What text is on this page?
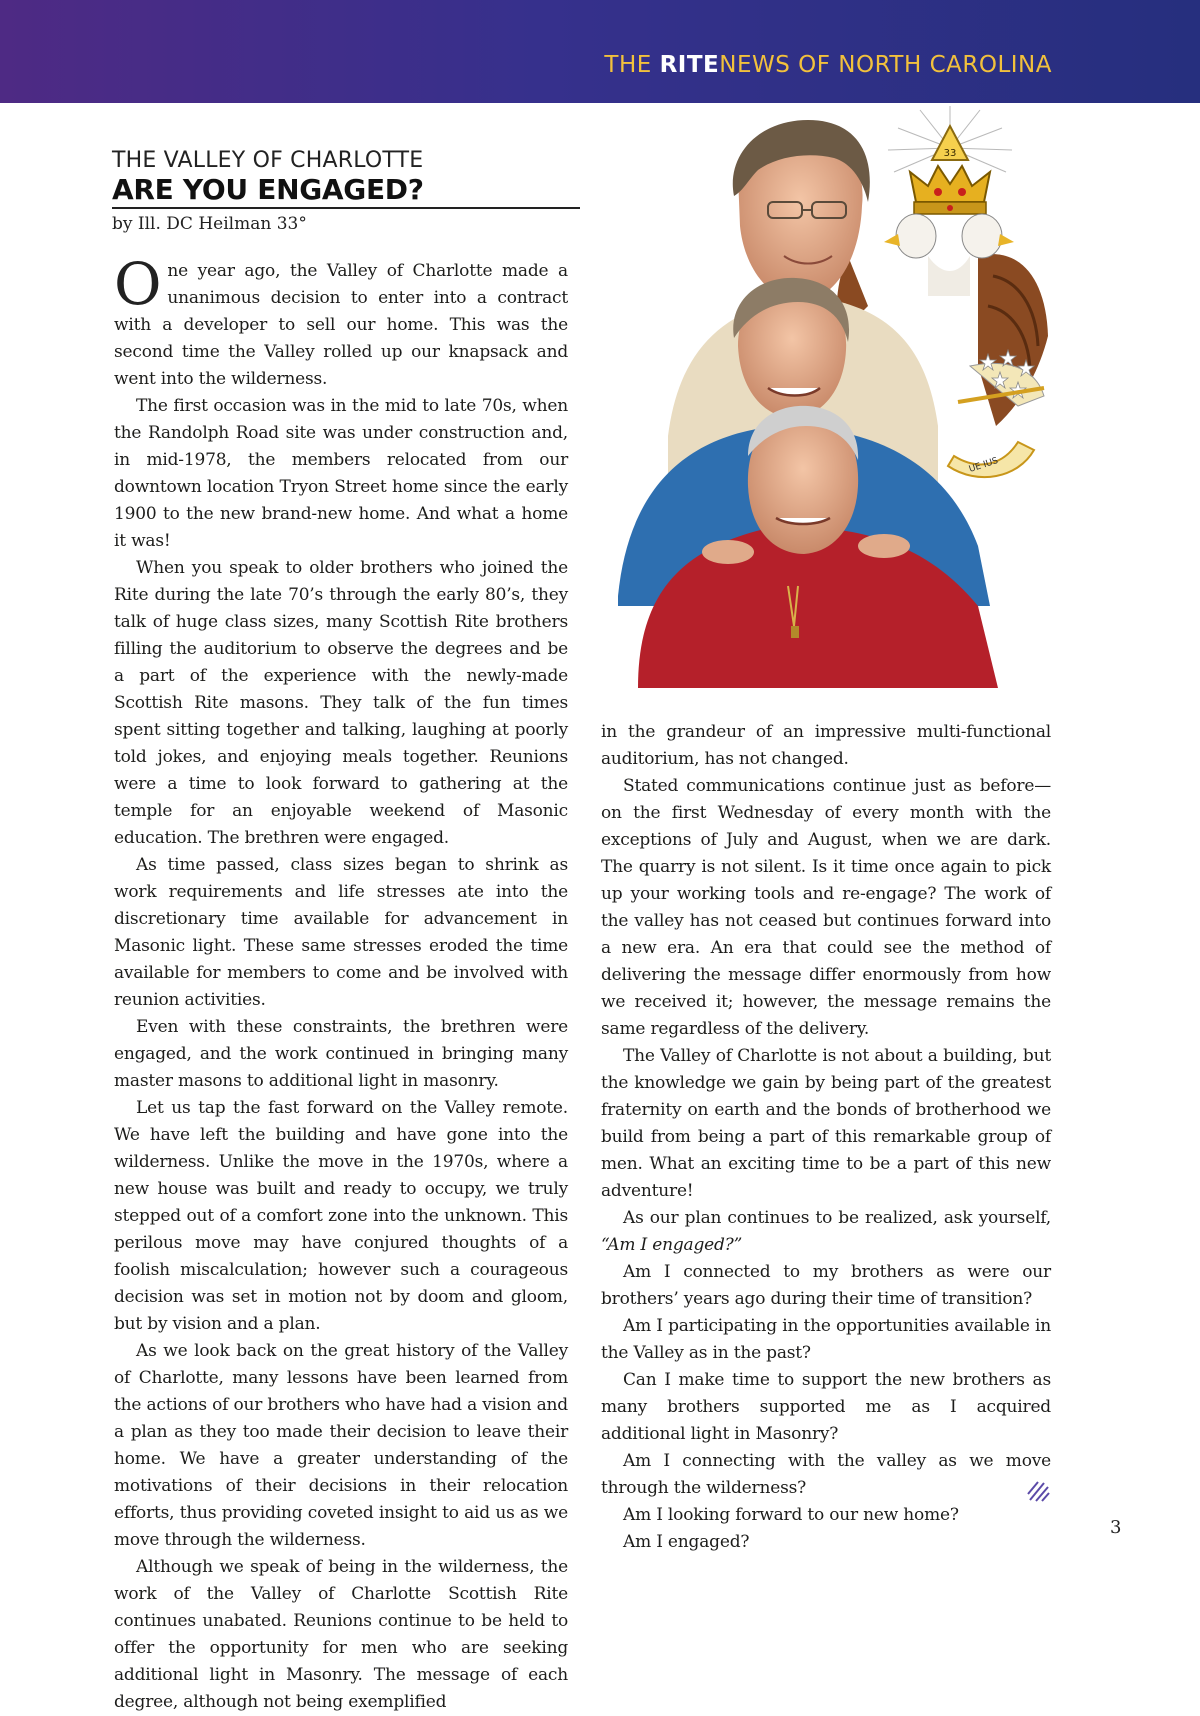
THE RITENEWS OF NORTH CAROLINA
THE VALLEY OF CHARLOTTE
ARE YOU ENGAGED?
by Ill. DC Heilman 33°

One year ago, the Valley of Charlotte made a unanimous decision to enter into a contract with a developer to sell our home. This was the second time the Valley rolled up our knapsack and went into the wilderness.

The first occasion was in the mid to late 70s, when the Randolph Road site was under construction and, in mid-1978, the members relocated from our downtown location Tryon Street home since the early 1900 to the new brand-new home. And what a home it was!

When you speak to older brothers who joined the Rite during the late 70’s through the early 80’s, they talk of huge class sizes, many Scottish Rite brothers filling the auditorium to observe the degrees and be a part of the experience with the newly-made Scottish Rite masons. They talk of the fun times spent sitting together and talking, laughing at poorly told jokes, and enjoying meals together. Reunions were a time to look forward to gathering at the temple for an enjoyable weekend of Masonic education. The brethren were engaged.

As time passed, class sizes began to shrink as work requirements and life stresses ate into the discretionary time available for advancement in Masonic light. These same stresses eroded the time available for members to come and be involved with reunion activities.

Even with these constraints, the brethren were engaged, and the work continued in bringing many master masons to additional light in masonry.

Let us tap the fast forward on the Valley remote. We have left the building and have gone into the wilderness. Unlike the move in the 1970s, where a new house was built and ready to occupy, we truly stepped out of a comfort zone into the unknown. This perilous move may have conjured thoughts of a foolish miscalculation; however such a courageous decision was set in motion not by doom and gloom, but by vision and a plan.

As we look back on the great history of the Valley of Charlotte, many lessons have been learned from the actions of our brothers who have had a vision and a plan as they too made their decision to leave their home. We have a greater understanding of the motivations of their decisions in their relocation efforts, thus providing coveted insight to aid us as we move through the wilderness.

Although we speak of being in the wilderness, the work of the Valley of Charlotte Scottish Rite continues unabated. Reunions continue to be held to offer the opportunity for men who are seeking additional light in Masonry. The message of each degree, although not being exemplified

33
UE IUS

in the grandeur of an impressive multi-functional auditorium, has not changed.

Stated communications continue just as before—on the first Wednesday of every month with the exceptions of July and August, when we are dark. The quarry is not silent. Is it time once again to pick up your working tools and re-engage? The work of the valley has not ceased but continues forward into a new era. An era that could see the method of delivering the message differ enormously from how we received it; however, the message remains the same regardless of the delivery.

The Valley of Charlotte is not about a building, but the knowledge we gain by being part of the greatest fraternity on earth and the bonds of brotherhood we build from being a part of this remarkable group of men. What an exciting time to be a part of this new adventure!

As our plan continues to be realized, ask yourself, “Am I engaged?”

Am I connected to my brothers as were our brothers’ years ago during their time of transition?

Am I participating in the opportunities available in the Valley as in the past?

Can I make time to support the new brothers as many brothers supported me as I acquired additional light in Masonry?

Am I connecting with the valley as we move through the wilderness?

Am I looking forward to our new home?

Am I engaged?

3
